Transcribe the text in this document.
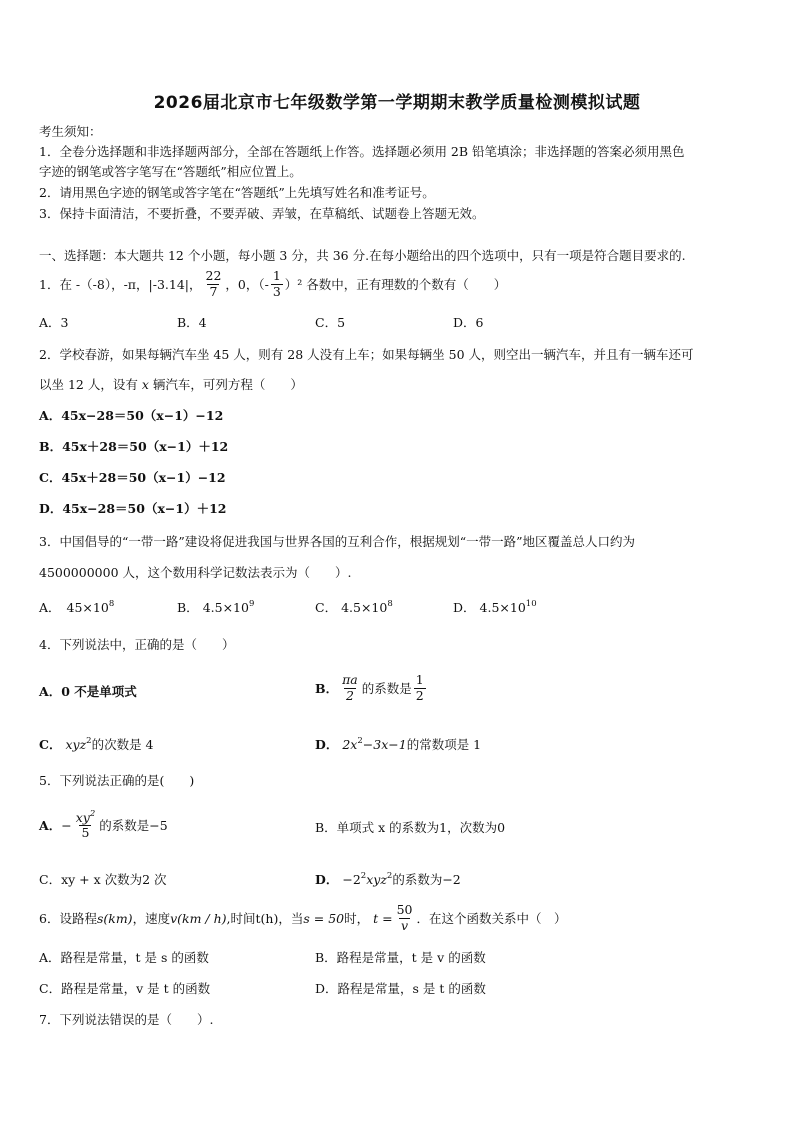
2026届北京市七年级数学第一学期期末教学质量检测模拟试题
考生须知：
1．全卷分选择题和非选择题两部分，全部在答题纸上作答。选择题必须用 2B 铅笔填涂；非选择题的答案必须用黑色
字迹的钢笔或答字笔写在“答题纸”相应位置上。
2．请用黑色字迹的钢笔或答字笔在“答题纸”上先填写姓名和准考证号。
3．保持卡面清洁，不要折叠，不要弄破、弄皱，在草稿纸、试题卷上答题无效。
一、选择题：本大题共 12 个小题，每小题 3 分，共 36 分.在每小题给出的四个选项中，只有一项是符合题目要求的.
1．在 -（-8），-π，|-3.14|， $\frac{22}{7}$ ，0，（- $\frac{1}{3} )^2$ 各数中，正有理数的个数有（　　）
A．3	B．4	C．5	D．6
2．学校春游，如果每辆汽车坐 45 人，则有 28 人没有上车；如果每辆坐 50 人，则空出一辆汽车，并且有一辆车还可
以坐 12 人，设有 x 辆汽车，可列方程（　　）
A．45x−28＝50（x−1）−12
B．45x＋28＝50（x−1）＋12
C．45x＋28＝50（x−1）−12
D．45x−28＝50（x−1）＋12
3．中国倡导的“一带一路”建设将促进我国与世界各国的互利合作，根据规划“一带一路”地区覆盖总人口约为
4500000000 人，这个数用科学记数法表示为（　　）.
A． $45\times 10^8$	B． $4.5\times 10^9$	C． $4.5\times 10^8$	D． $4.5\times 10^{10}$
4．下列说法中，正确的是（　　）
A．0 不是单项式	B． $\frac{\pi a}{2}$ 的系数是 $\frac{1}{2}$
C． xyz$^2$的次数是 4	D． $2x^2-3x-1$的常数项是 1
5．下列说法正确的是(　　)
A． − $\frac{xy^2}{5}$ 的系数是−5	B．单项式 x 的系数为1，次数为0
C．xy + x 次数为2 次	D． $-2^2xyz^2$的系数为−2
6．设路程 s(km) ，速度 v(km / h) ,时间 t(h) ，当 s = 50 时， $t = \frac{50}{v}$ ．在这个函数关系中（　）
A．路程是常量，t 是 s 的函数	B．路程是常量，t 是 v 的函数
C．路程是常量，v 是 t 的函数	D．路程是常量，s 是 t 的函数
7．下列说法错误的是（　　）.
